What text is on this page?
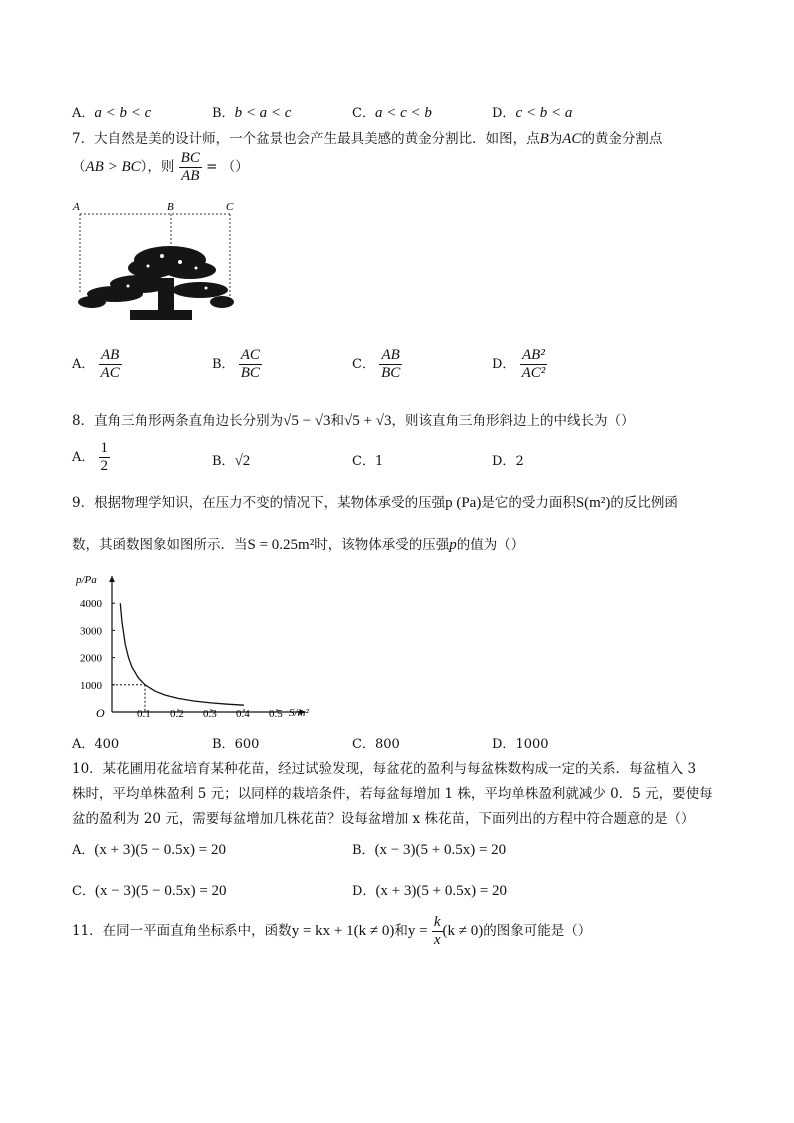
A．a < b < c	B．b < a < c	C．a < c < b	D．c < b < a
7．大自然是美的设计师，一个盆景也会产生最具美感的黄金分割比．如图，点B为AC的黄金分割点
（AB > BC），则 $\frac{BC}{AB}$ = （）
A	B	C
A． $\frac{AB}{AC}$	B． $\frac{AC}{BC}$	C． $\frac{AB}{BC}$	D． $\frac{\text{AB²}}{\text{AC²}}$
8．直角三角形两条直角边长分别为√5 − √3和√5 + √3，则该直角三角形斜边上的中线长为（）
A． $\frac{1}{2}$	B．√2	C．1	D．2
9．根据物理学知识，在压力不变的情况下，某物体承受的压强p (Pa)是它的受力面积S(m²)的反比例函
数，其函数图象如图所示．当S = 0.25m²时，该物体承受的压强p的值为（）
p/Pa
S/m²
O	0.1 0.2 0.3 0.4 0.5
1000
2000
3000
4000
A．400	B．600	C．800	D．1000
10．某花圃用花盆培育某种花苗，经过试验发现，每盆花的盈利与每盆株数构成一定的关系．每盆植入 3
株时，平均单株盈利 5 元；以同样的栽培条件，若每盆每增加 1 株，平均单株盈利就减少 0．5 元，要使每
盆的盈利为 20 元，需要每盆增加几株花苗？设每盆增加 x 株花苗，下面列出的方程中符合题意的是（）
A．(x + 3)(5 − 0.5x) = 20	B．(x − 3)(5 + 0.5x) = 20
C．(x − 3)(5 − 0.5x) = 20	D．(x + 3)(5 + 0.5x) = 20
11．在同一平面直角坐标系中，函数y = kx + 1(k ≠ 0)和$y = \frac{k}{x} (k \ne 0)$的图象可能是（）
